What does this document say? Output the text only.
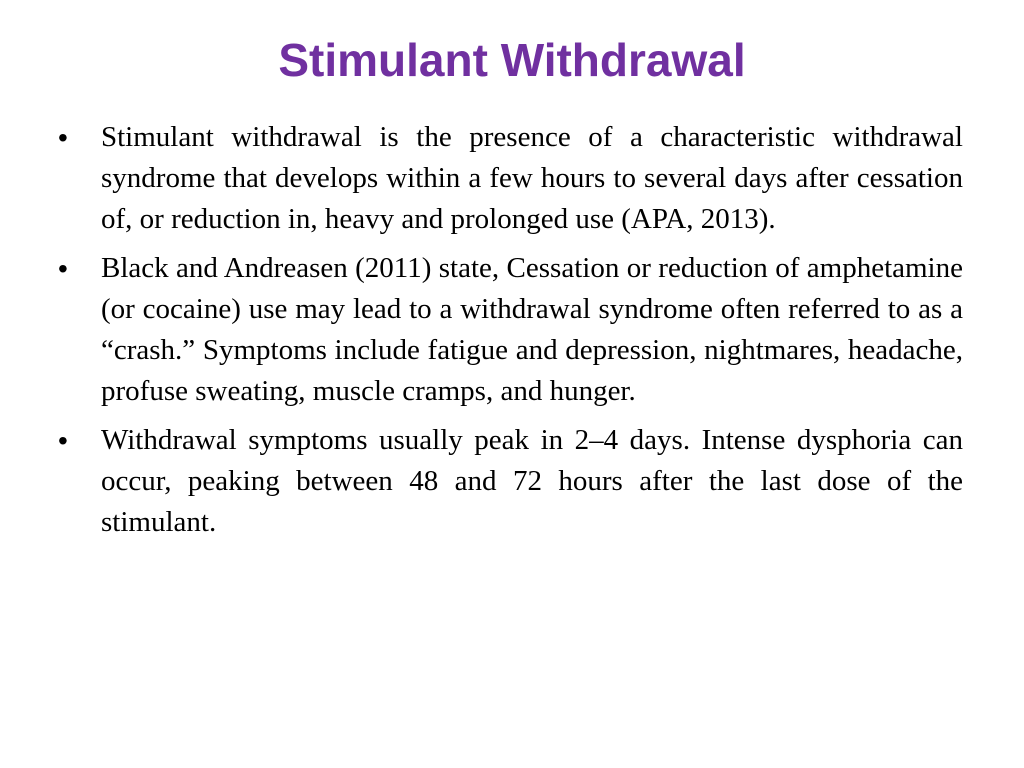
Stimulant Withdrawal
• Stimulant withdrawal is the presence of a characteristic withdrawal syndrome that develops within a few hours to several days after cessation of, or reduction in, heavy and prolonged use (APA, 2013).
• Black and Andreasen (2011) state, Cessation or reduction of amphetamine (or cocaine) use may lead to a withdrawal syndrome often referred to as a “crash.” Symptoms include fatigue and depression, nightmares, headache, profuse sweating, muscle cramps, and hunger.
• Withdrawal symptoms usually peak in 2–4 days. Intense dysphoria can occur, peaking between 48 and 72 hours after the last dose of the stimulant.
